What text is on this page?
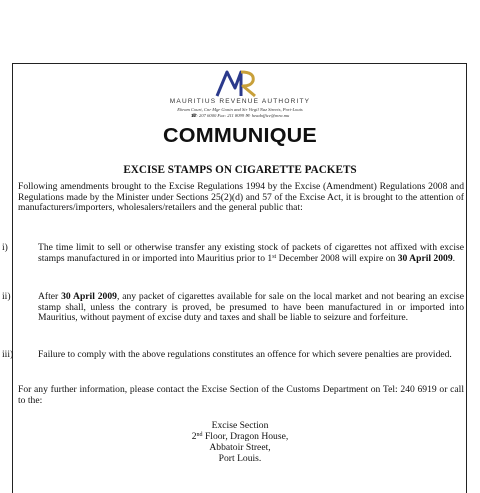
MAURITIUS REVENUE AUTHORITY
Ehram Court, Cnr Mgr Gonin and Sir Virgil Naz Streets, Port-Louis
☎: 207 6000 Fax: 211 8099 ✉: headoffice@mra.mu
COMMUNIQUE
EXCISE STAMPS ON CIGARETTE PACKETS
Following amendments brought to the Excise Regulations 1994 by the Excise (Amendment) Regulations 2008 and Regulations made by the Minister under Sections 25(2)(d) and 57 of the Excise Act, it is brought to the attention of manufacturers/importers, wholesalers/retailers and the general public that:
i)	The time limit to sell or otherwise transfer any existing stock of packets of cigarettes not affixed with excise stamps manufactured in or imported into Mauritius prior to 1st December 2008 will expire on 30 April 2009.
ii)	After 30 April 2009, any packet of cigarettes available for sale on the local market and not bearing an excise stamp shall, unless the contrary is proved, be presumed to have been manufactured in or imported into Mauritius, without payment of excise duty and taxes and shall be liable to seizure and forfeiture.
iii)	Failure to comply with the above regulations constitutes an offence for which severe penalties are provided.
For any further information, please contact the Excise Section of the Customs Department on Tel: 240 6919 or call to the:
Excise Section
2nd Floor, Dragon House,
Abbatoir Street,
Port Louis.
